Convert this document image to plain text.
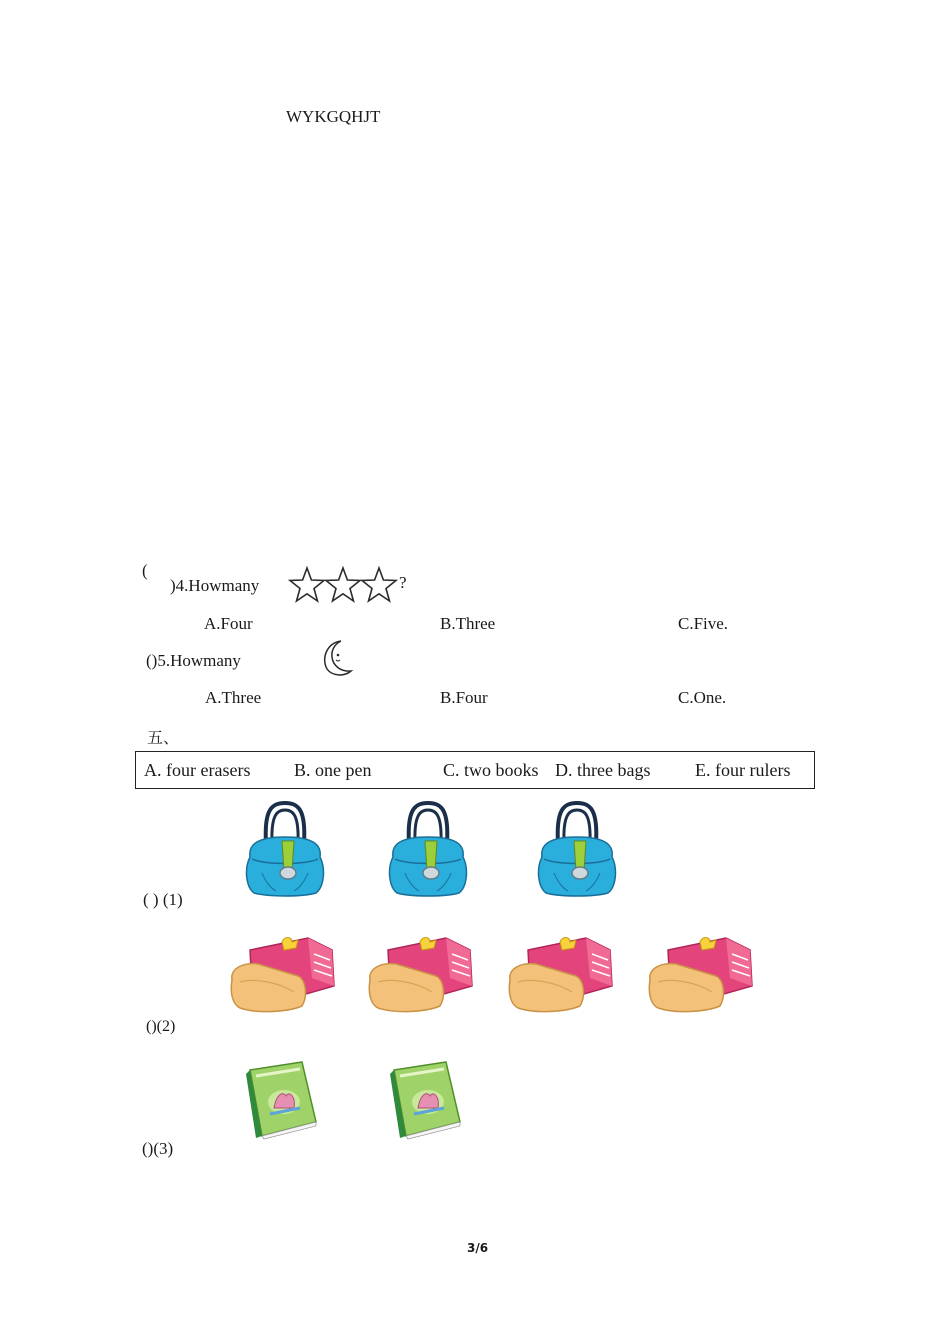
WYKGQHJT
(
)4.Howmany	?
A.Four	B.Three	C.Five.
()5.Howmany
A.Three	B.Four	C.One.
五、
A. four erasers B. one pen	C. two books D. three bags E. four rulers
( ) (1)
()(2)
()(3)
3/6
